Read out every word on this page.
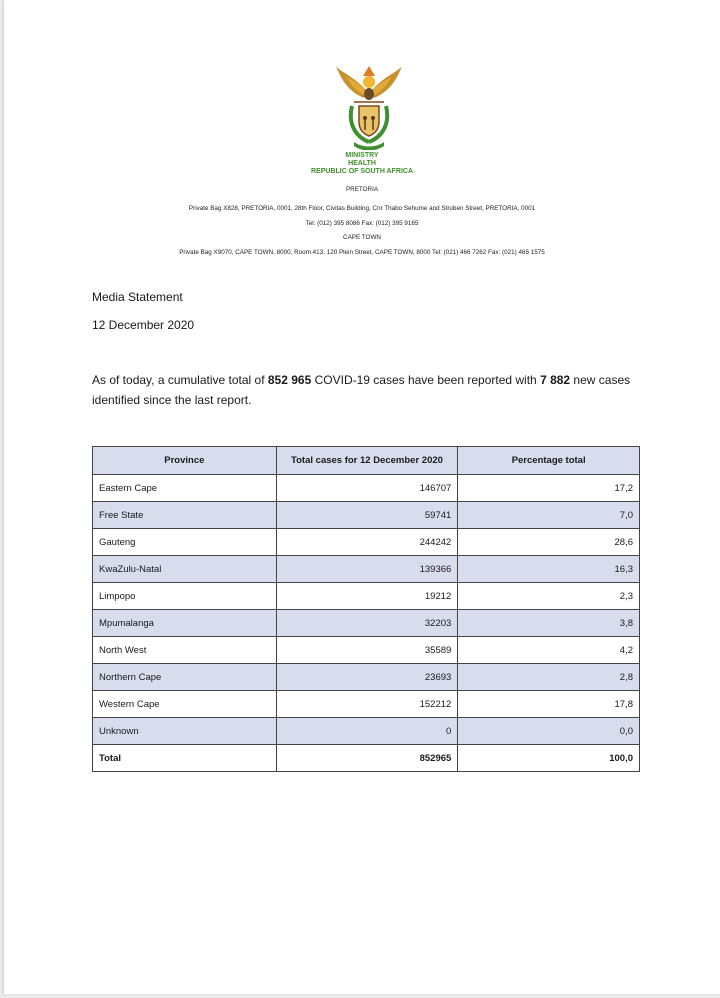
MINISTRY
HEALTH
REPUBLIC OF SOUTH AFRICA
PRETORIA
Private Bag X828, PRETORIA, 0001, 28th Floor, Civitas Building, Cnr Thabo Sehume and Struben Street, PRETORIA, 0001
Tel: (012) 395 8086 Fax: (012) 395 9165
CAPE TOWN
Private Bag X9070, CAPE TOWN, 8000, Room 413, 120 Plein Street, CAPE TOWN, 8000 Tel: (021) 466 7262 Fax: (021) 465 1575
Media Statement
12 December 2020
As of today, a cumulative total of 852 965 COVID-19 cases have been reported with 7 882 new cases identified since the last report.
Province	Total cases for 12 December 2020	Percentage total
Eastern Cape	146707	17,2
Free State	59741	7,0
Gauteng	244242	28,6
KwaZulu-Natal	139366	16,3
Limpopo	19212	2,3
Mpumalanga	32203	3,8
North West	35589	4,2
Northern Cape	23693	2,8
Western Cape	152212	17,8
Unknown	0	0,0
Total	852965	100,0
